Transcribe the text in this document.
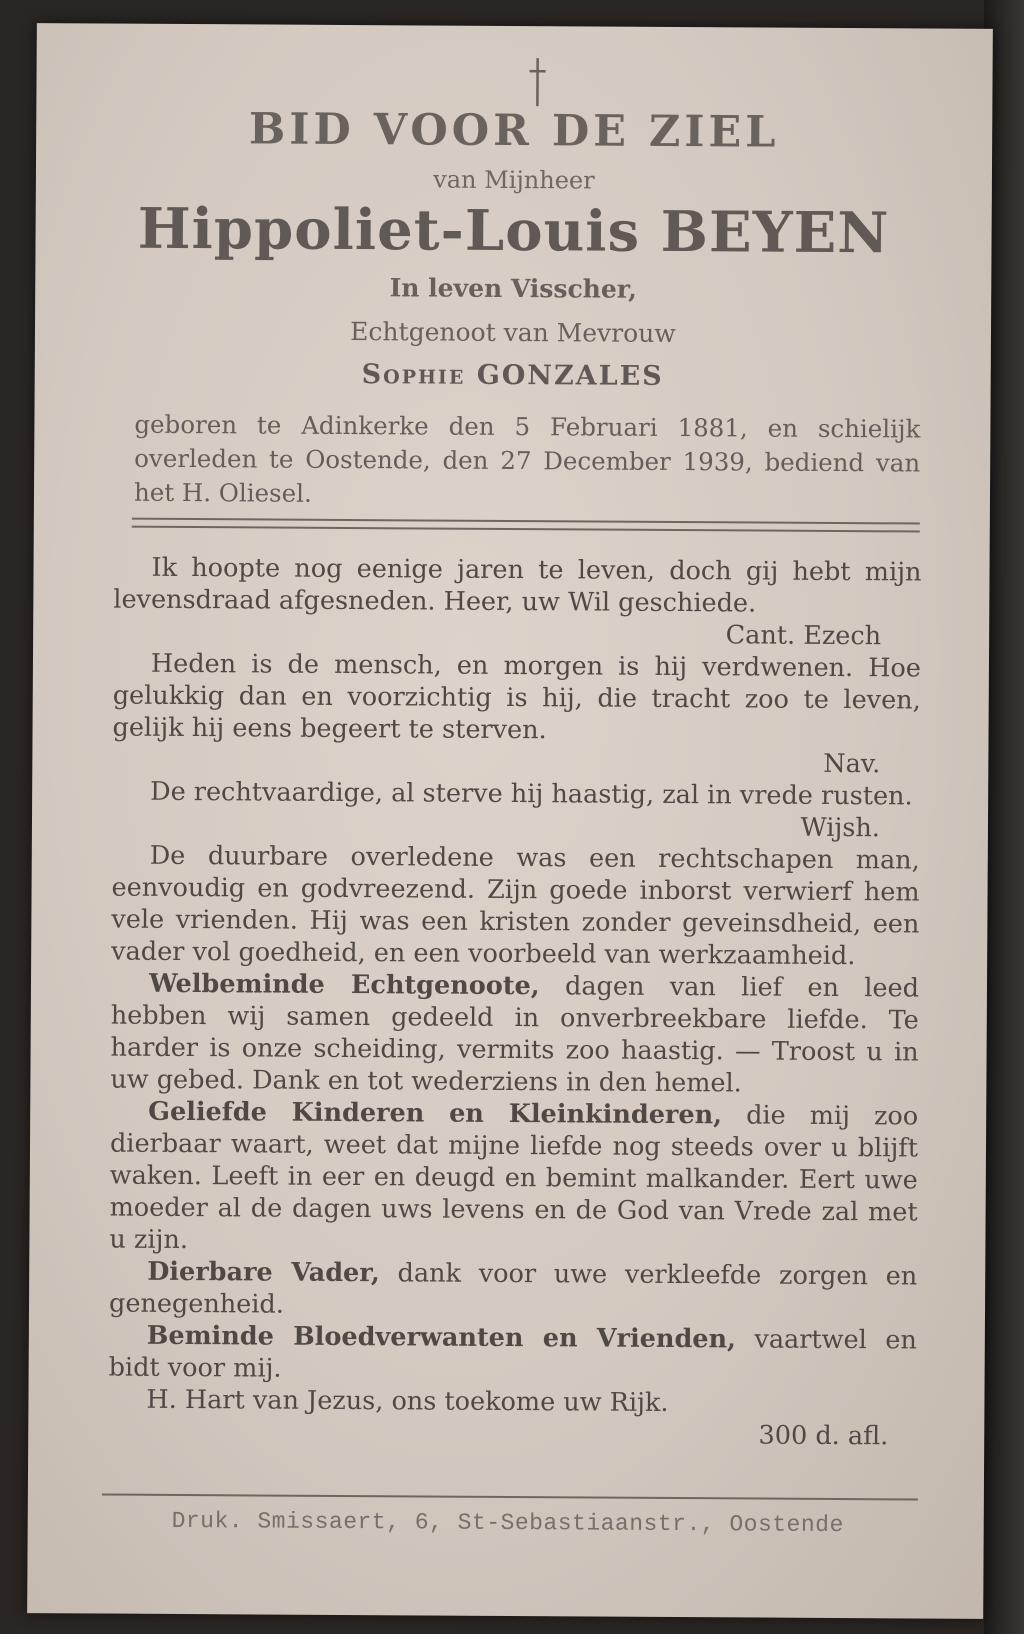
BID VOOR DE ZIEL
van Mijnheer
Hippoliet-Louis BEYEN
In leven Visscher,
Echtgenoot van Mevrouw
Sophie GONZALES
geboren te Adinkerke den 5 Februari 1881, en schielijk overleden te Oostende, den 27 December 1939, bediend van het H. Oliesel.

Ik hoopte nog eenige jaren te leven, doch gij hebt mijn levensdraad afgesneden. Heer, uw Wil geschiede.

Cant. Ezech

Heden is de mensch, en morgen is hij verdwenen. Hoe gelukkig dan en voorzichtig is hij, die tracht zoo te leven, gelijk hij eens begeert te sterven.

Nav.

De rechtvaardige, al sterve hij haastig, zal in vrede rusten.

Wijsh.

De duurbare overledene was een rechtschapen man, eenvoudig en godvreezend. Zijn goede inborst verwierf hem vele vrienden. Hij was een kristen zonder geveinsdheid, een vader vol goedheid, en een voorbeeld van werkzaamheid.

Welbeminde Echtgenoote, dagen van lief en leed hebben wij samen gedeeld in onverbreekbare liefde. Te harder is onze scheiding, vermits zoo haastig. — Troost u in uw gebed. Dank en tot wederziens in den hemel.

Geliefde Kinderen en Kleinkinderen, die mij zoo dierbaar waart, weet dat mijne liefde nog steeds over u blijft waken. Leeft in eer en deugd en bemint malkander. Eert uwe moeder al de dagen uws levens en de God van Vrede zal met u zijn.

Dierbare Vader, dank voor uwe verkleefde zorgen en genegenheid.

Beminde Bloedverwanten en Vrienden, vaartwel en bidt voor mij.

H. Hart van Jezus, ons toekome uw Rijk.

300 d. afl.
Druk. Smissaert, 6, St-Sebastiaanstr., Oostende
